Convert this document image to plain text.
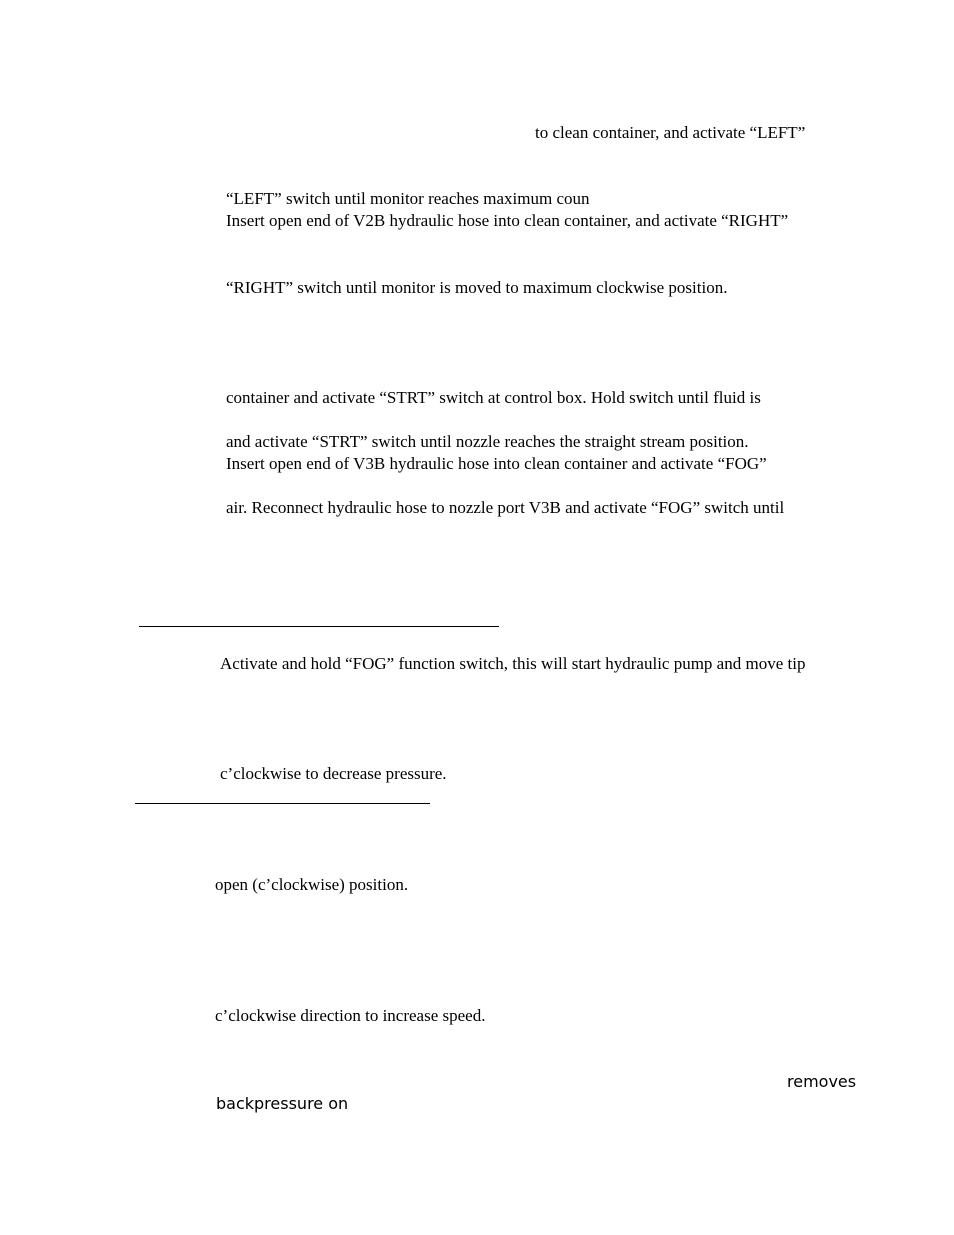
to clean container, and activate “LEFT”
“LEFT” switch until monitor reaches maximum coun
Insert open end of V2B hydraulic hose into clean container, and activate “RIGHT”
“RIGHT” switch until monitor is moved to maximum clockwise position.
container and activate “STRT” switch at control box. Hold switch until fluid is
and activate “STRT” switch until nozzle reaches the straight stream position.
Insert open end of V3B hydraulic hose into clean container and activate “FOG”
air. Reconnect hydraulic hose to nozzle port V3B and activate “FOG” switch until
Activate and hold “FOG” function switch, this will start hydraulic pump and move tip
c’clockwise to decrease pressure.
open (c’clockwise) position.
c’clockwise direction to increase speed.
removes
backpressure on
